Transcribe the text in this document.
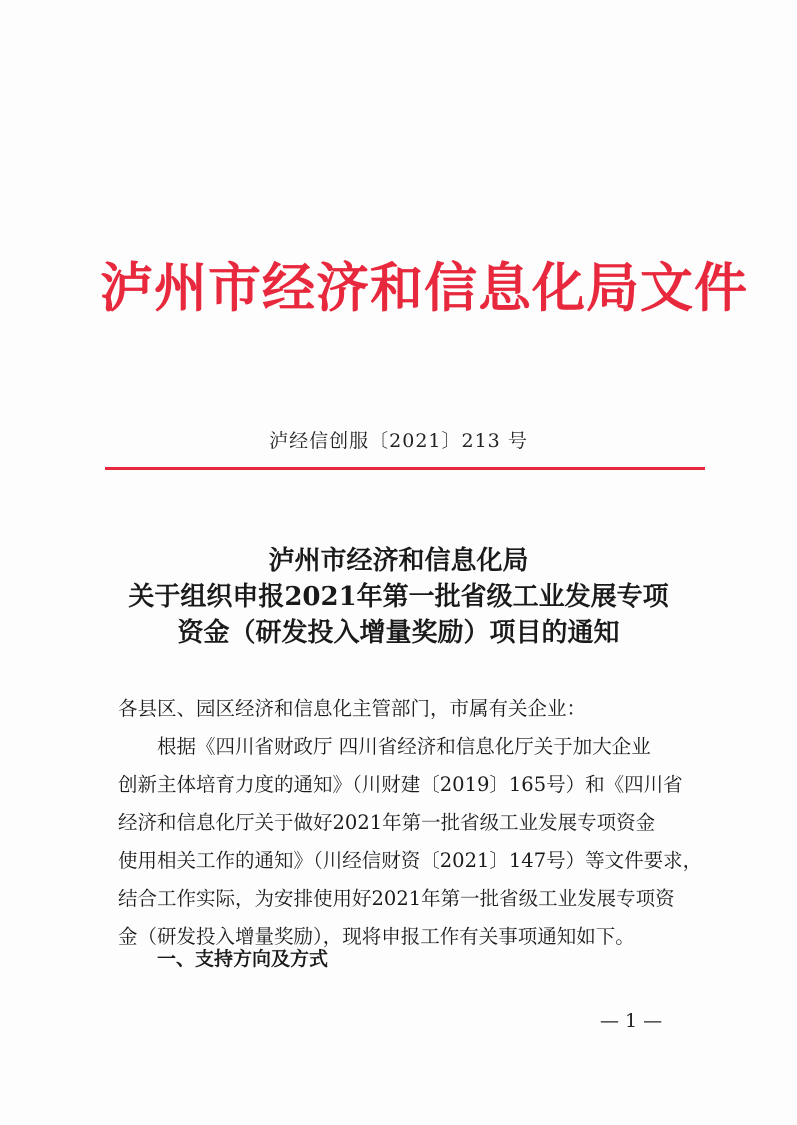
泸州市经济和信息化局文件
泸经信创服〔2021〕213 号
泸州市经济和信息化局
关于组织申报2021年第一批省级工业发展专项
资金（研发投入增量奖励）项目的通知
各县区、园区经济和信息化主管部门，市属有关企业：
根据《四川省财政厅 四川省经济和信息化厅关于加大企业
创新主体培育力度的通知》（川财建〔2019〕165号）和《四川省
经济和信息化厅关于做好2021年第一批省级工业发展专项资金
使用相关工作的通知》（川经信财资〔2021〕147号）等文件要求，
结合工作实际，为安排使用好2021年第一批省级工业发展专项资
金（研发投入增量奖励），现将申报工作有关事项通知如下。
一、支持方向及方式
— 1 —
